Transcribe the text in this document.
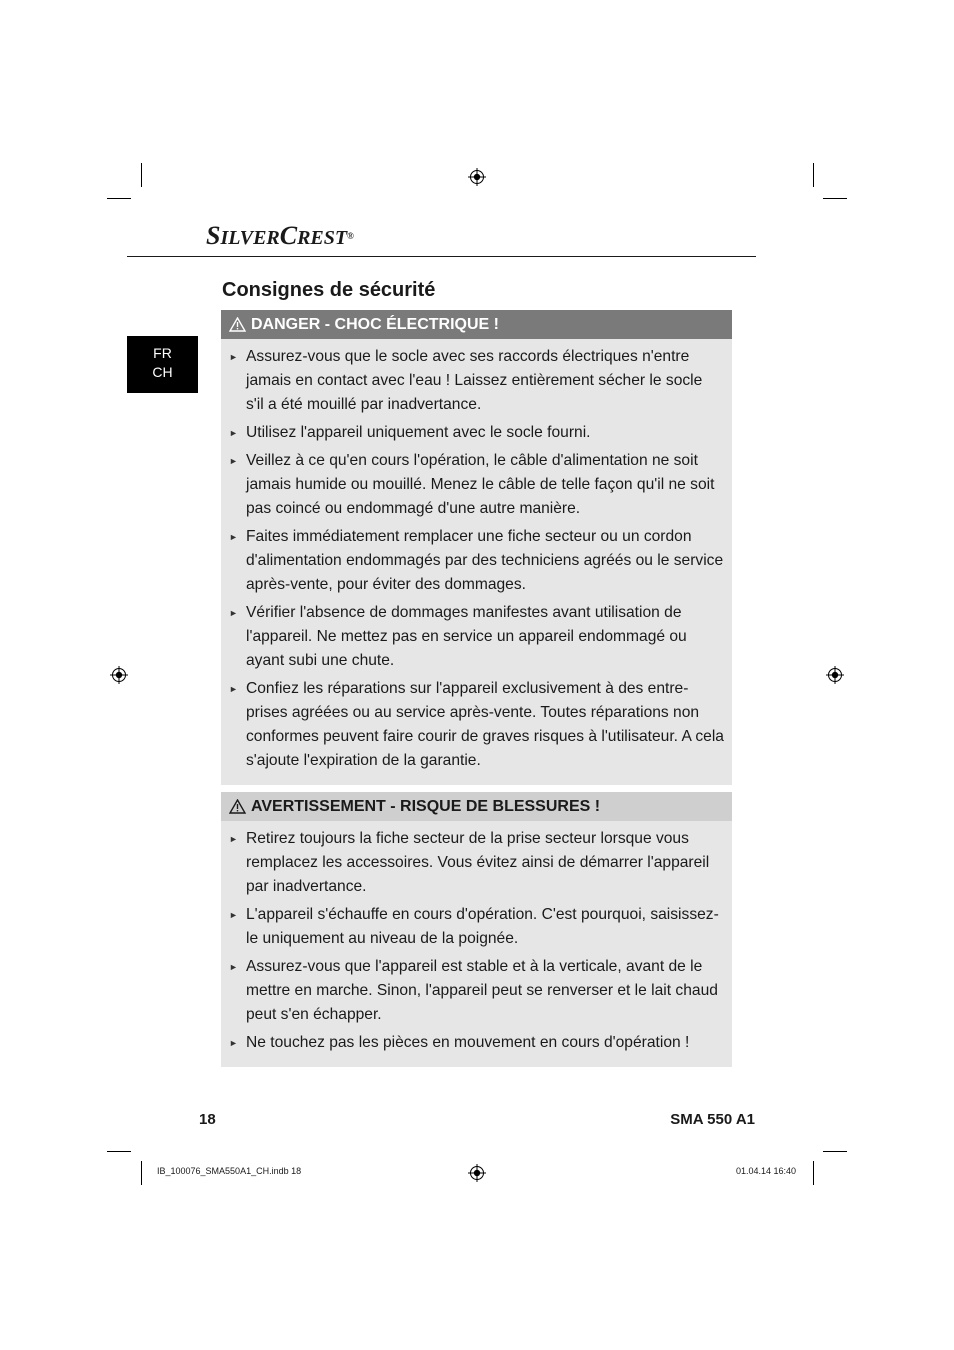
SILVERCREST®
Consignes de sécurité
FR
CH
DANGER - CHOC ÉLECTRIQUE !
► Assurez-vous que le socle avec ses raccords électriques n'entre jamais en contact avec l'eau ! Laissez entièrement sécher le socle s'il a été mouillé par inadvertance.
► Utilisez l'appareil uniquement avec le socle fourni.
► Veillez à ce qu'en cours l'opération, le câble d'alimentation ne soit jamais humide ou mouillé. Menez le câble de telle façon qu'il ne soit pas coincé ou endommagé d'une autre manière.
► Faites immédiatement remplacer une fiche secteur ou un cordon d'alimentation endommagés par des techniciens agréés ou le service après-vente, pour éviter des dommages.
► Vérifier l'absence de dommages manifestes avant utilisation de l'appareil. Ne mettez pas en service un appareil endommagé ou ayant subi une chute.
► Confiez les réparations sur l'appareil exclusivement à des entre-prises agréées ou au service après-vente. Toutes réparations non conformes peuvent faire courir de graves risques à l'utilisateur. A cela s'ajoute l'expiration de la garantie.
AVERTISSEMENT - RISQUE DE BLESSURES !
► Retirez toujours la fiche secteur de la prise secteur lorsque vous remplacez les accessoires. Vous évitez ainsi de démarrer l'appareil par inadvertance.
► L'appareil s'échauffe en cours d'opération. C'est pourquoi, saisissez-le uniquement au niveau de la poignée.
► Assurez-vous que l'appareil est stable et à la verticale, avant de le mettre en marche. Sinon, l'appareil peut se renverser et le lait chaud peut s'en échapper.
► Ne touchez pas les pièces en mouvement en cours d'opération !
18	SMA 550 A1
IB_100076_SMA550A1_CH.indb 18	01.04.14 16:40
